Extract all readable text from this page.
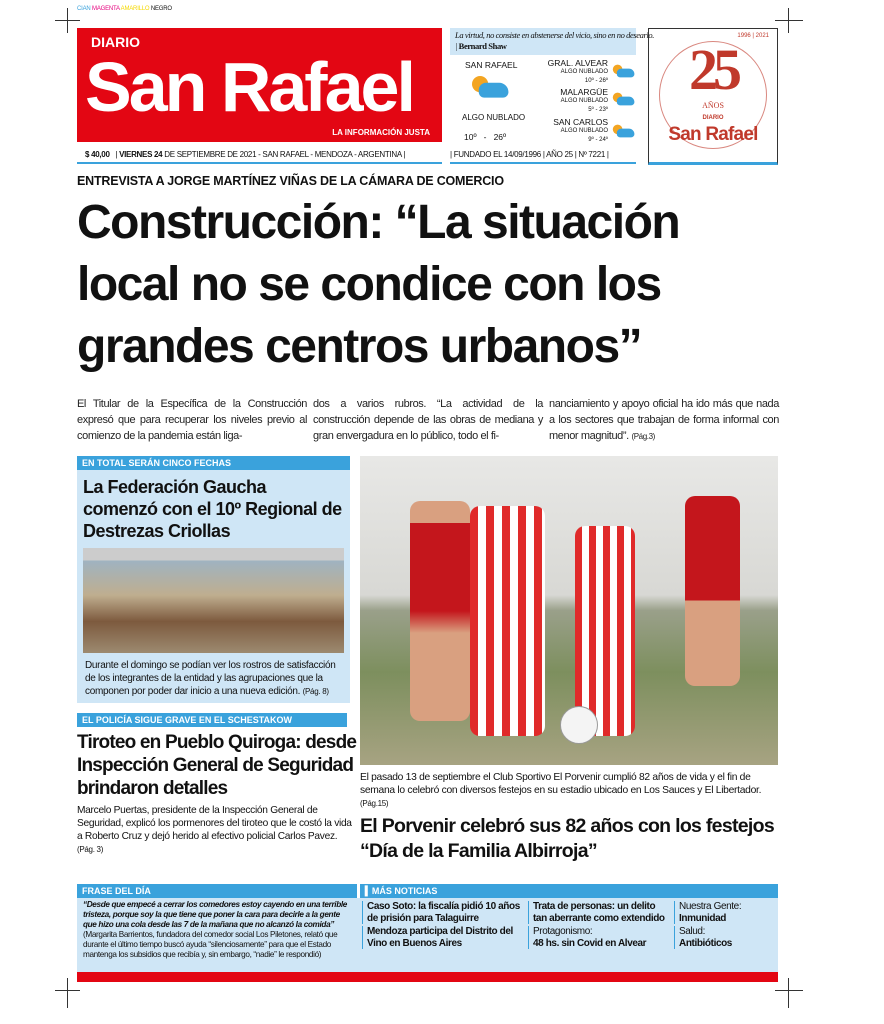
CIAN MAGENTA AMARILLO NEGRO
DIARIO
San Rafael
LA INFORMACIÓN JUSTA
La virtud, no consiste en abstenerse del vicio, sino en no desearlo.
| Bernard Shaw
SAN RAFAEL
ALGO NUBLADO
10º   -   26º
GRAL. ALVEAR
ALGO NUBLADO
10º - 26º
MALARGÜE
ALGO NUBLADO
5º - 23º
SAN CARLOS
ALGO NUBLADO
9º - 24º
1996 | 2021
25
AÑOS
DIARIO
San Rafael
$ 40,00   | VIERNES 24 DE SEPTIEMBRE DE 2021 - SAN RAFAEL - MENDOZA - ARGENTINA |	| FUNDADO EL 14/09/1996 | AÑO 25 | Nº 7221 |
ENTREVISTA A JORGE MARTÍNEZ VIÑAS DE LA CÁMARA DE COMERCIO
Construcción: “La situación local no se condice con los grandes centros urbanos”

El Titular de la Específica de la Construcción expresó que para recuperar los niveles previo al comienzo de la pandemia están liga-

dos a varios rubros. “La actividad de la construcción depende de las obras de mediana y gran envergadura en lo público, todo el fi-

nanciamiento y apoyo oficial ha ido más que nada a los sectores que trabajan de forma informal con menor magnitud”. (Pág.3)

EN TOTAL SERÁN CINCO FECHAS
La Federación Gaucha comenzó con el 10º Regional de Destrezas Criollas

Durante el domingo se podían ver los rostros de satisfacción de los integrantes de la entidad y las agrupaciones que la componen por poder dar inicio a una nueva edición. (Pág. 8)

EL POLICÍA SIGUE GRAVE EN EL SCHESTAKOW
Tiroteo en Pueblo Quiroga: desde Inspección General de Seguridad brindaron detalles

Marcelo Puertas, presidente de la Inspección General de Seguridad, explicó los pormenores del tiroteo que le costó la vida a Roberto Cruz y dejó herido al efectivo policial Carlos Pavez. (Pág. 3)

El pasado 13 de septiembre el Club Sportivo El Porvenir cumplió 82 años de vida y el fin de semana lo celebró con diversos festejos en su estadio ubicado en Los Sauces y El Libertador. (Pág.15)

El Porvenir celebró sus 82 años con los festejos “Día de la Familia Albirroja”
FRASE DEL DÍA	▍MÁS NOTICIAS

“Desde que empecé a cerrar los comedores estoy cayendo en una terrible tristeza, porque soy la que tiene que poner la cara para decirle a la gente que hizo una cola desde las 7 de la mañana que no alcanzó la comida” (Margarita Barrientos, fundadora del comedor social Los Piletones, relató que durante el último tiempo buscó ayuda “silenciosamente” para que el Estado mantenga los subsidios que recibía y, sin embargo, “nadie” le respondió)

Caso Soto: la fiscalía pidió 10 años de prisión para Talaguirre
Mendoza participa del Distrito del Vino en Buenos Aires
Trata de personas: un delito tan aberrante como extendido
Protagonismo:
48 hs. sin Covid en Alvear
Nuestra Gente:
Inmunidad
Salud:
Antibióticos
